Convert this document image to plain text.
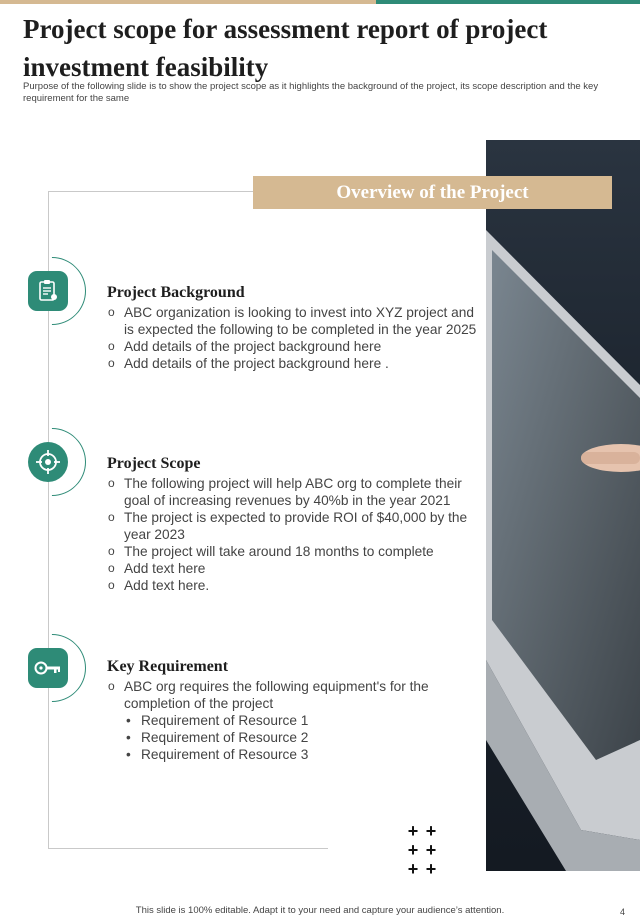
Project scope for assessment report of project investment feasibility

Purpose of the following slide is to show the project scope as it highlights the background of the project, its scope description and the key requirement for the same

Overview of the Project
Project Background
o ABC organization is looking to invest into XYZ project and is expected the following to be completed in the year 2025
o Add details of the project background here
o Add details of the project background here .
Project Scope
o The following project will help ABC org to complete their goal of increasing revenues by 40%b in the year 2021
o The project is expected to provide ROI of $40,000 by the year 2023
o The project will take around 18 months to complete
o Add text here
o Add text here.
Key Requirement
o ABC org requires the following equipment's for the completion of the project
• Requirement of Resource 1
• Requirement of Resource 2
• Requirement of Resource 3
+ +
+ +
+ +
This slide is 100% editable. Adapt it to your need and capture your audience’s attention.	4
